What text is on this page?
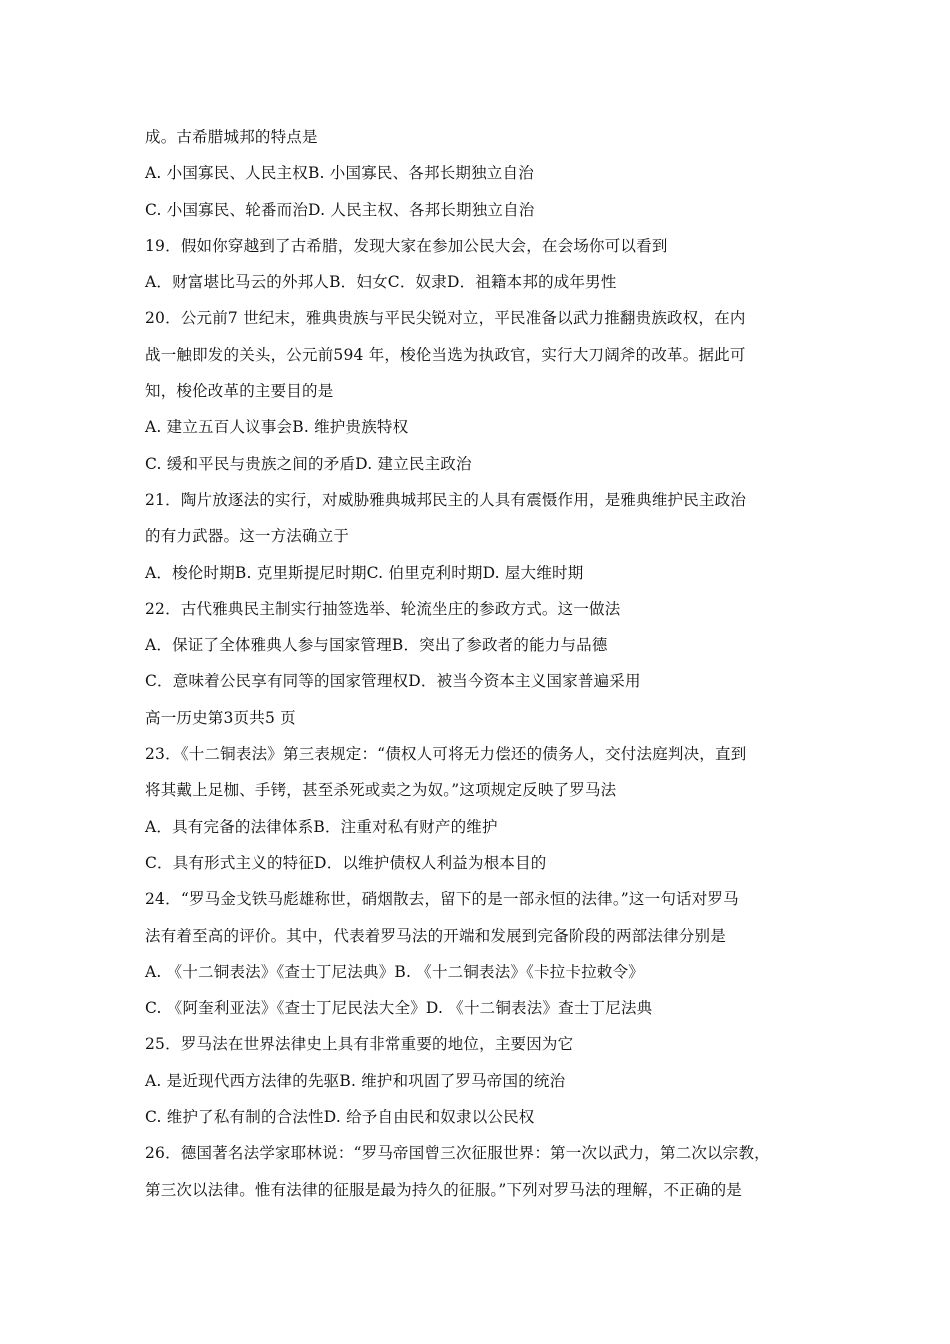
成。古希腊城邦的特点是
A. 小国寡民、人民主权B. 小国寡民、各邦长期独立自治
C. 小国寡民、轮番而治D. 人民主权、各邦长期独立自治
19．假如你穿越到了古希腊，发现大家在参加公民大会，在会场你可以看到
A．财富堪比马云的外邦人B．妇女C．奴隶D．祖籍本邦的成年男性
20．公元前7 世纪末，雅典贵族与平民尖锐对立，平民准备以武力推翻贵族政权，在内
战一触即发的关头，公元前594 年，梭伦当选为执政官，实行大刀阔斧的改革。据此可
知，梭伦改革的主要目的是
A. 建立五百人议事会B. 维护贵族特权
C. 缓和平民与贵族之间的矛盾D. 建立民主政治
21．陶片放逐法的实行，对威胁雅典城邦民主的人具有震慑作用，是雅典维护民主政治
的有力武器。这一方法确立于
A．梭伦时期B. 克里斯提尼时期C. 伯里克利时期D. 屋大维时期
22．古代雅典民主制实行抽签选举、轮流坐庄的参政方式。这一做法
A．保证了全体雅典人参与国家管理B．突出了参政者的能力与品德
C．意味着公民享有同等的国家管理权D．被当今资本主义国家普遍采用
高一历史第3页共5 页
23．《十二铜表法》第三表规定：“债权人可将无力偿还的债务人，交付法庭判决，直到
将其戴上足枷、手铐，甚至杀死或卖之为奴。”这项规定反映了罗马法
A．具有完备的法律体系B．注重对私有财产的维护
C．具有形式主义的特征D．以维护债权人利益为根本目的
24．“罗马金戈铁马彪雄称世，硝烟散去，留下的是一部永恒的法律。”这一句话对罗马
法有着至高的评价。其中，代表着罗马法的开端和发展到完备阶段的两部法律分别是
A. 《十二铜表法》《查士丁尼法典》B. 《十二铜表法》《卡拉卡拉敕令》
C. 《阿奎利亚法》《查士丁尼民法大全》D. 《十二铜表法》查士丁尼法典
25．罗马法在世界法律史上具有非常重要的地位，主要因为它
A. 是近现代西方法律的先驱B. 维护和巩固了罗马帝国的统治
C. 维护了私有制的合法性D. 给予自由民和奴隶以公民权
26．德国著名法学家耶林说：“罗马帝国曾三次征服世界：第一次以武力，第二次以宗教，
第三次以法律。惟有法律的征服是最为持久的征服。”下列对罗马法的理解，不正确的是
